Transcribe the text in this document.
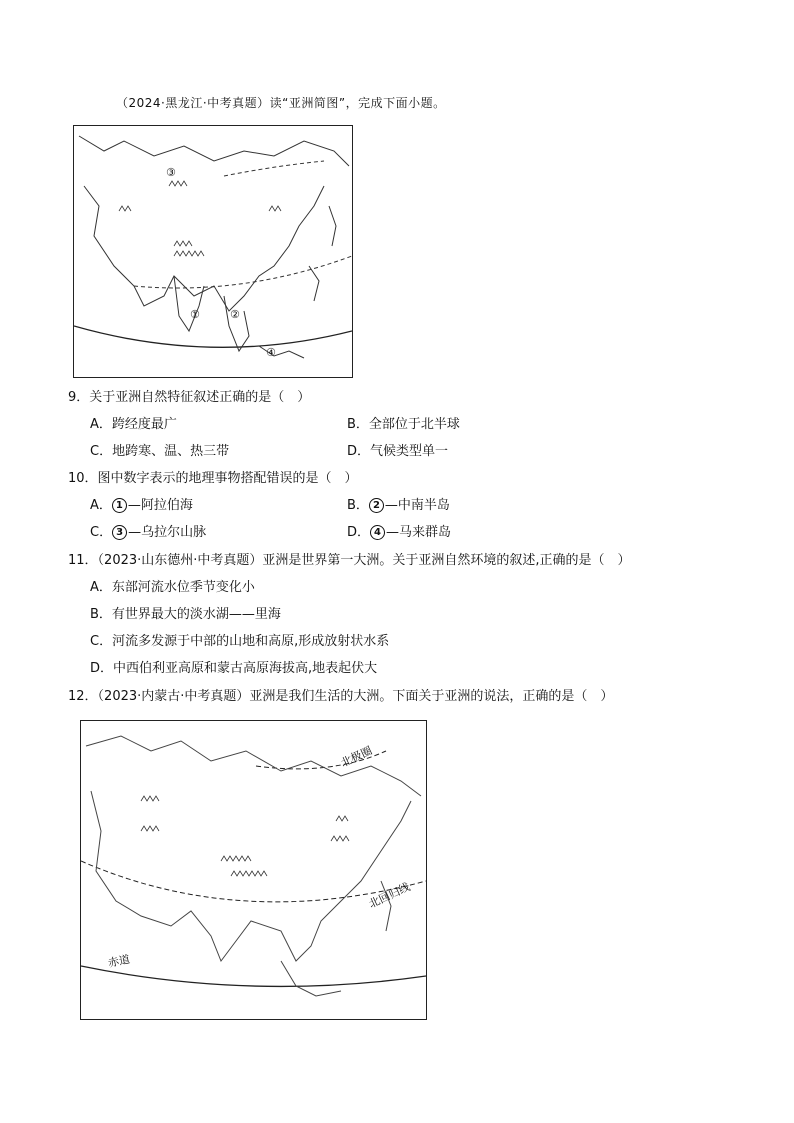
（2024·黑龙江·中考真题）读“亚洲简图”，完成下面小题。
③
①	②
④
9．关于亚洲自然特征叙述正确的是（　）
A．跨经度最广	B．全部位于北半球
C．地跨寒、温、热三带	D．气候类型单一
10．图中数字表示的地理事物搭配错误的是（　）
A． 1 —阿拉伯海	B． 2 —中南半岛
C． 3 —乌拉尔山脉	D． 4 —马来群岛
11．（2023·山东德州·中考真题）亚洲是世界第一大洲。关于亚洲自然环境的叙述,正确的是（　）
A．东部河流水位季节变化小
B．有世界最大的淡水湖——里海
C．河流多发源于中部的山地和高原,形成放射状水系
D．中西伯利亚高原和蒙古高原海拔高,地表起伏大
12．（2023·内蒙古·中考真题）亚洲是我们生活的大洲。下面关于亚洲的说法，正确的是（　）
北极圈
北回归线
赤道
